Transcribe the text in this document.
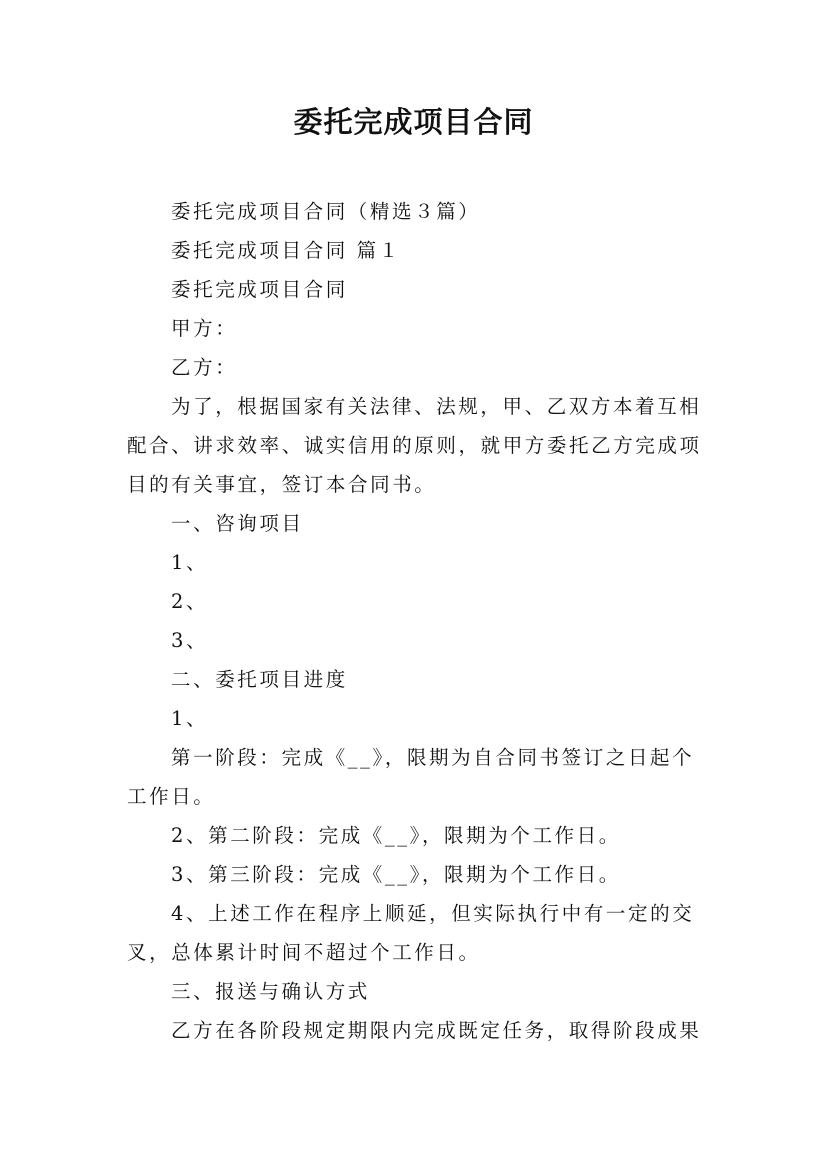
委托完成项目合同

委托完成项目合同（精选３篇）

委托完成项目合同 篇１

委托完成项目合同

甲方：

乙方：

为了，根据国家有关法律、法规，甲、乙双方本着互相
配合、讲求效率、诚实信用的原则，就甲方委托乙方完成项
目的有关事宜，签订本合同书。

一、咨询项目

1、

2、

3、

二、委托项目进度

1、

第一阶段：完成《__》，限期为自合同书签订之日起个
工作日。

2、第二阶段：完成《__》，限期为个工作日。

3、第三阶段：完成《__》，限期为个工作日。

4、上述工作在程序上顺延，但实际执行中有一定的交
叉，总体累计时间不超过个工作日。

三、报送与确认方式

乙方在各阶段规定期限内完成既定任务，取得阶段成果
